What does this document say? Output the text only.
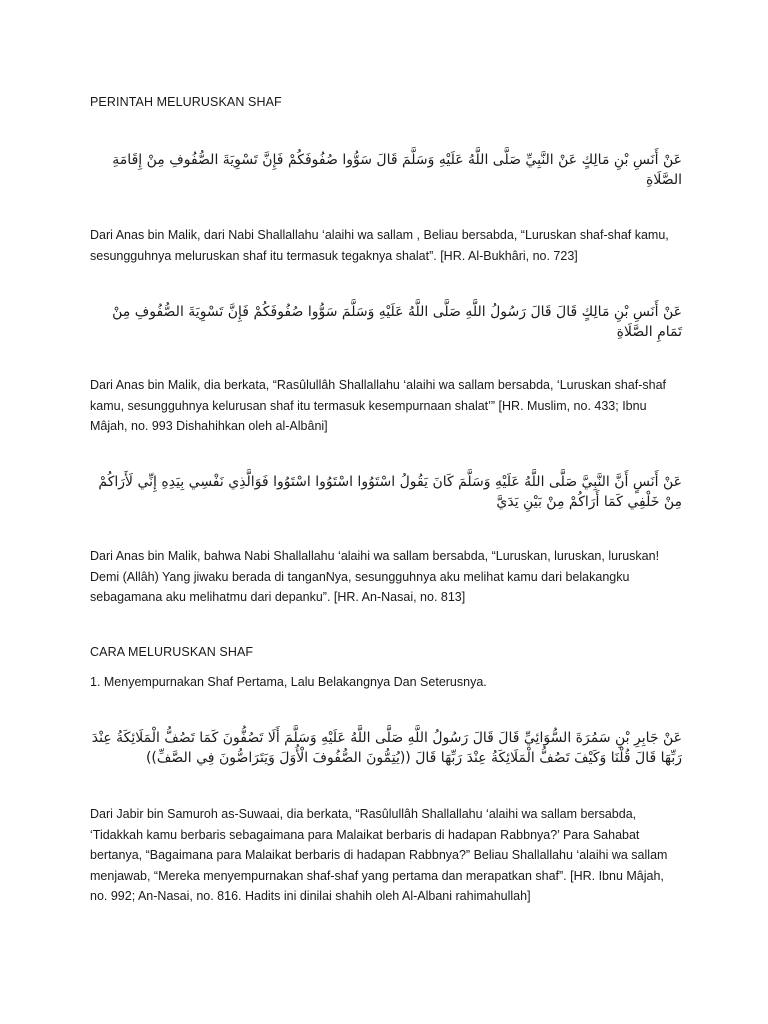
PERINTAH MELURUSKAN SHAF

عَنْ أَنَسِ بْنِ مَالِكٍ عَنْ النَّبِيِّ صَلَّى اللَّهُ عَلَيْهِ وَسَلَّمَ قَالَ سَوُّوا صُفُوفَكُمْ فَإِنَّ تَسْوِيَةَ الصُّفُوفِ مِنْ إِقَامَةِ الصَّلَاةِ

Dari Anas bin Malik, dari Nabi Shallallahu ‘alaihi wa sallam , Beliau bersabda, “Luruskan shaf-shaf kamu, sesungguhnya meluruskan shaf itu termasuk tegaknya shalat”. [HR. Al-Bukhâri, no. 723]

عَنْ أَنَسِ بْنِ مَالِكٍ قَالَ قَالَ رَسُولُ اللَّهِ صَلَّى اللَّهُ عَلَيْهِ وَسَلَّمَ سَوُّوا صُفُوفَكُمْ فَإِنَّ تَسْوِيَةَ الصُّفُوفِ مِنْ تَمَامِ الصَّلَاةِ

Dari Anas bin Malik, dia berkata, “Rasûlullâh Shallallahu ‘alaihi wa sallam bersabda, ‘Luruskan shaf-shaf kamu, sesungguhnya kelurusan shaf itu termasuk kesempurnaan shalat’” [HR. Muslim, no. 433; Ibnu Mâjah, no. 993 Dishahihkan oleh al-Albâni]

عَنْ أَنَسٍ أَنَّ النَّبِيَّ صَلَّى اللَّهُ عَلَيْهِ وَسَلَّمَ كَانَ يَقُولُ اسْتَوُوا اسْتَوُوا اسْتَوُوا فَوَالَّذِي نَفْسِي بِيَدِهِ إِنِّي لَأَرَاكُمْ مِنْ خَلْفِي كَمَا أَرَاكُمْ مِنْ بَيْنِ يَدَيَّ

Dari Anas bin Malik, bahwa Nabi Shallallahu ‘alaihi wa sallam bersabda, “Luruskan, luruskan, luruskan! Demi (Allâh) Yang jiwaku berada di tanganNya, sesungguhnya aku melihat kamu dari belakangku sebagamana aku melihatmu dari depanku”. [HR. An-Nasai, no. 813]

CARA MELURUSKAN SHAF

1. Menyempurnakan Shaf Pertama, Lalu Belakangnya Dan Seterusnya.

عَنْ جَابِرِ بْنِ سَمُرَةَ السُّوَائِيِّ قَالَ قَالَ رَسُولُ اللَّهِ صَلَّى اللَّهُ عَلَيْهِ وَسَلَّمَ أَلَا تَصُفُّونَ كَمَا تَصُفُّ الْمَلَائِكَةُ عِنْدَ رَبِّهَا قَالَ قُلْنَا وَكَيْفَ تَصُفُّ الْمَلَائِكَةُ عِنْدَ رَبِّهَا قَالَ ((يُتِمُّونَ الصُّفُوفَ الْأُوَلَ وَيَتَرَاصُّونَ فِي الصَّفِّ))

Dari Jabir bin Samuroh as-Suwaai, dia berkata, “Rasûlullâh Shallallahu ‘alaihi wa sallam bersabda, ‘Tidakkah kamu berbaris sebagaimana para Malaikat berbaris di hadapan Rabbnya?’ Para Sahabat bertanya, “Bagaimana para Malaikat berbaris di hadapan Rabbnya?” Beliau Shallallahu ‘alaihi wa sallam menjawab, “Mereka menyempurnakan shaf-shaf yang pertama dan merapatkan shaf”. [HR. Ibnu Mâjah, no. 992; An-Nasai, no. 816. Hadits ini dinilai shahih oleh Al-Albani rahimahullah]
